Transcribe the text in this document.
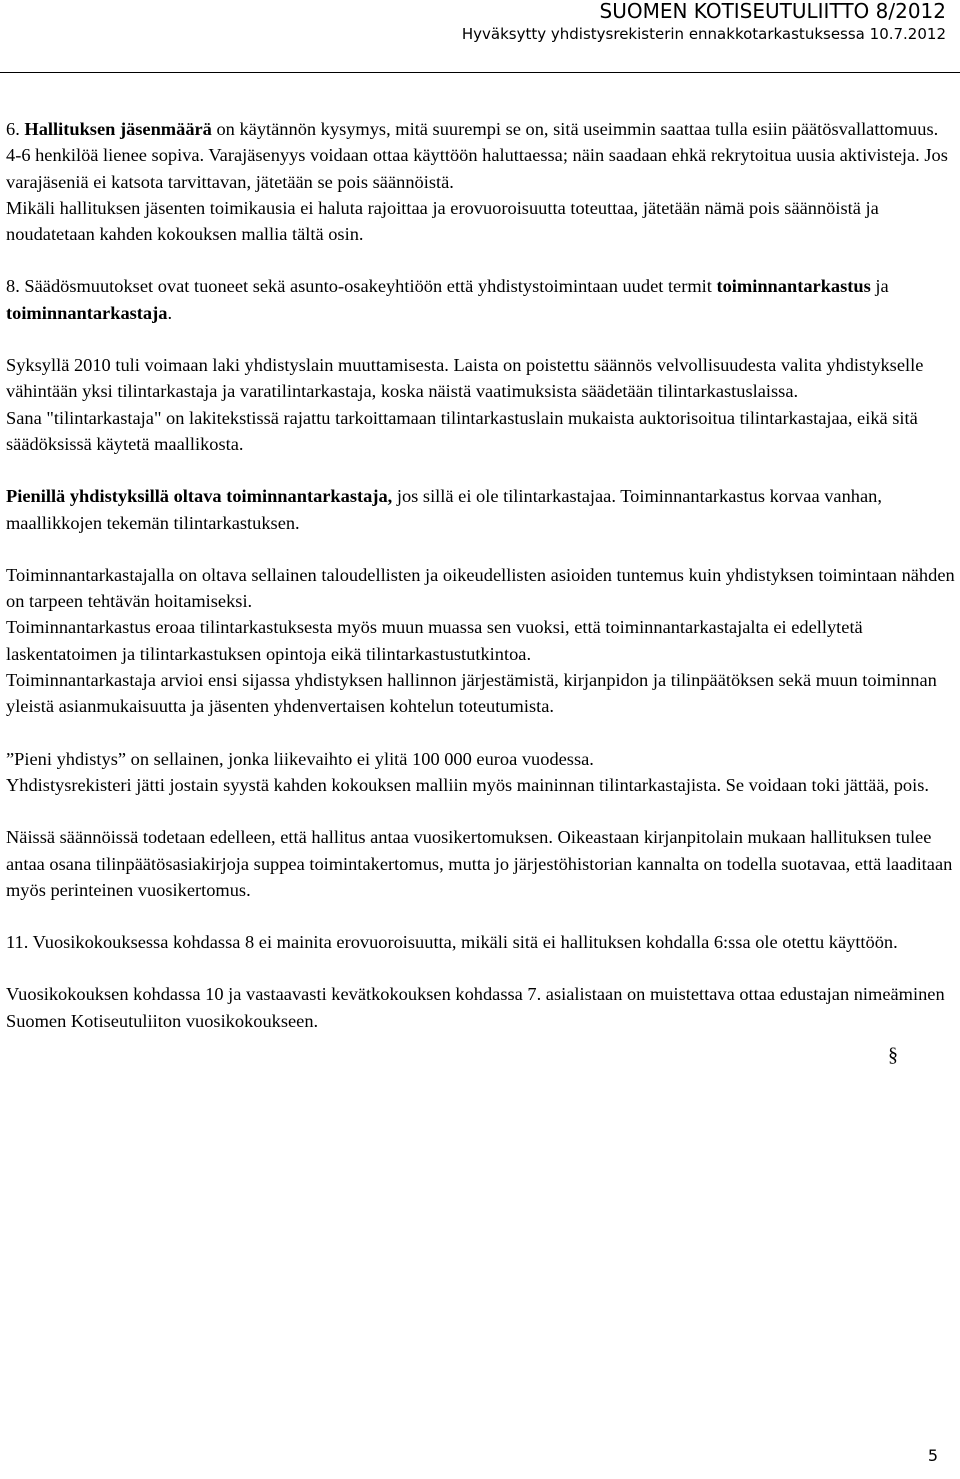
SUOMEN KOTISEUTULIITTO 8/2012
Hyväksytty yhdistysrekisterin ennakkotarkastuksessa 10.7.2012

6. Hallituksen jäsenmäärä on käytännön kysymys, mitä suurempi se on, sitä useimmin saattaa tulla esiin päätösvallattomuus. 4-6 henkilöä lienee sopiva. Varajäsenyys voidaan ottaa käyttöön haluttaessa; näin saadaan ehkä rekrytoitua uusia aktivisteja. Jos varajäseniä ei katsota tarvittavan, jätetään se pois säännöistä.

Mikäli hallituksen jäsenten toimikausia ei haluta rajoittaa ja erovuoroisuutta toteuttaa, jätetään nämä pois säännöistä ja noudatetaan kahden kokouksen mallia tältä osin.

8. Säädösmuutokset ovat tuoneet sekä asunto-osakeyhtiöön että yhdistystoimintaan uudet termit toiminnantarkastus ja toiminnantarkastaja.

Syksyllä 2010 tuli voimaan laki yhdistyslain muuttamisesta. Laista on poistettu säännös velvollisuudesta valita yhdistykselle vähintään yksi tilintarkastaja ja varatilintarkastaja, koska näistä vaatimuksista säädetään tilintarkastuslaissa.

Sana "tilintarkastaja" on lakitekstissä rajattu tarkoittamaan tilintarkastuslain mukaista auktorisoitua tilintarkastajaa, eikä sitä säädöksissä käytetä maallikosta.

Pienillä yhdistyksillä oltava toiminnantarkastaja, jos sillä ei ole tilintarkastajaa. Toiminnantarkastus korvaa vanhan, maallikkojen tekemän tilintarkastuksen.

Toiminnantarkastajalla on oltava sellainen taloudellisten ja oikeudellisten asioiden tuntemus kuin yhdistyksen toimintaan nähden on tarpeen tehtävän hoitamiseksi.

Toiminnantarkastus eroaa tilintarkastuksesta myös muun muassa sen vuoksi, että toiminnantarkastajalta ei edellytetä laskentatoimen ja tilintarkastuksen opintoja eikä tilintarkastustutkintoa.

Toiminnantarkastaja arvioi ensi sijassa yhdistyksen hallinnon järjestämistä, kirjanpidon ja tilinpäätöksen sekä muun toiminnan yleistä asianmukaisuutta ja jäsenten yhdenvertaisen kohtelun toteutumista.

”Pieni yhdistys” on sellainen, jonka liikevaihto ei ylitä 100 000 euroa vuodessa.

Yhdistysrekisteri jätti jostain syystä kahden kokouksen malliin myös maininnan tilintarkastajista. Se voidaan toki jättää, pois.

Näissä säännöissä todetaan edelleen, että hallitus antaa vuosikertomuksen. Oikeastaan kirjanpitolain mukaan hallituksen tulee antaa osana tilinpäätösasiakirjoja suppea toimintakertomus, mutta jo järjestöhistorian kannalta on todella suotavaa, että laaditaan myös perinteinen vuosikertomus.

11. Vuosikokouksessa kohdassa 8 ei mainita erovuoroisuutta, mikäli sitä ei hallituksen kohdalla 6:ssa ole otettu käyttöön.

Vuosikokouksen kohdassa 10 ja vastaavasti kevätkokouksen kohdassa 7. asialistaan on muistettava ottaa edustajan nimeäminen Suomen Kotiseutuliiton vuosikokoukseen.

§
5
